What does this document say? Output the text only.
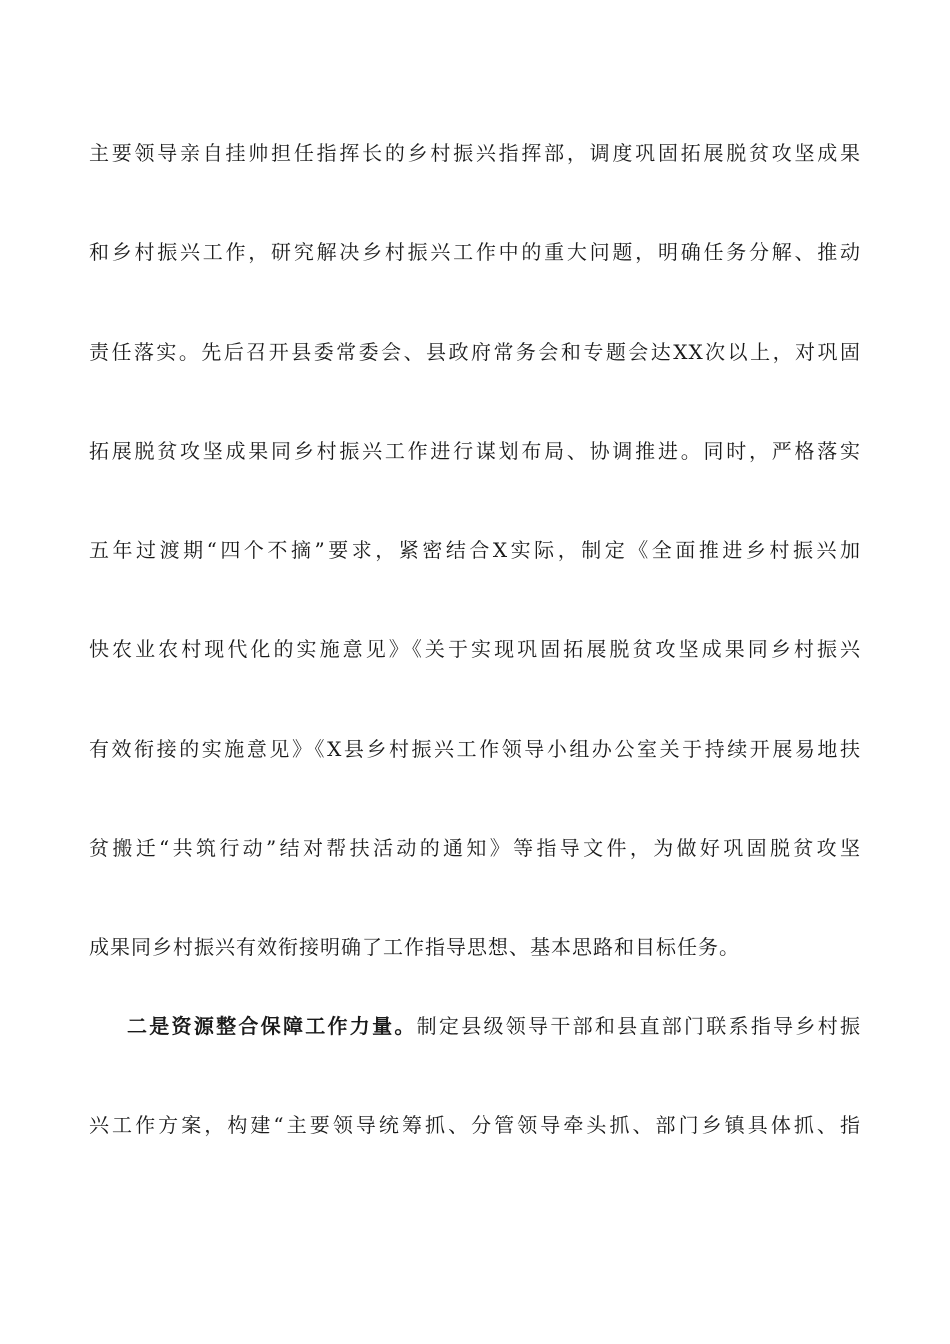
主要领导亲自挂帅担任指挥长的乡村振兴指挥部，调度巩固拓展脱贫攻坚成果
和乡村振兴工作，研究解决乡村振兴工作中的重大问题，明确任务分解、推动
责任落实。先后召开县委常委会、县政府常务会和专题会达XX次以上，对巩固
拓展脱贫攻坚成果同乡村振兴工作进行谋划布局、协调推进。同时，严格落实
五年过渡期“四个不摘”要求，紧密结合X实际，制定《全面推进乡村振兴加
快农业农村现代化的实施意见》《关于实现巩固拓展脱贫攻坚成果同乡村振兴
有效衔接的实施意见》《X县乡村振兴工作领导小组办公室关于持续开展易地扶
贫搬迁“共筑行动”结对帮扶活动的通知》等指导文件，为做好巩固脱贫攻坚
成果同乡村振兴有效衔接明确了工作指导思想、基本思路和目标任务。
二是资源整合保障工作力量。制定县级领导干部和县直部门联系指导乡村振
兴工作方案，构建“主要领导统筹抓、分管领导牵头抓、部门乡镇具体抓、指
